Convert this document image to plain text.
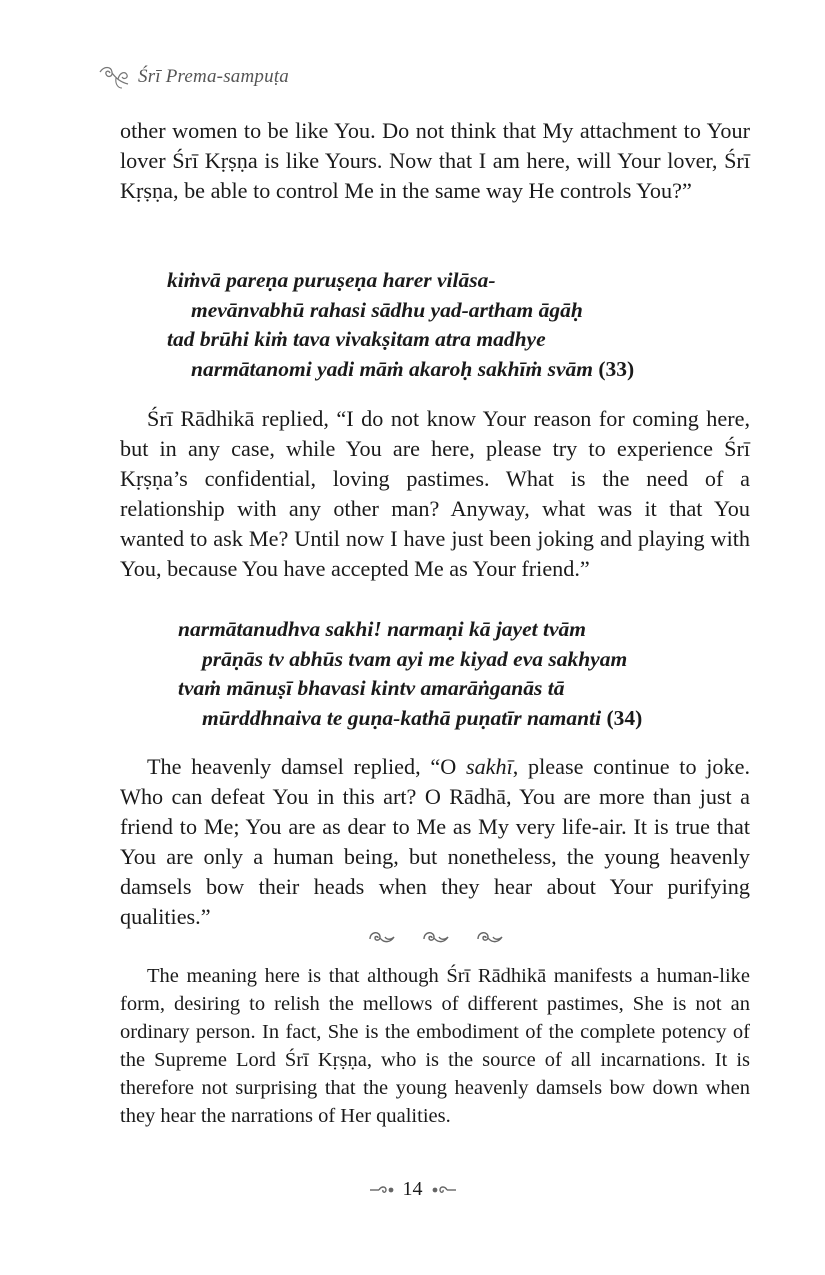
Śrī Prema-sampuṭa

other women to be like You. Do not think that My attachment to Your lover Śrī Kṛṣṇa is like Yours. Now that I am here, will Your lover, Śrī Kṛṣṇa, be able to control Me in the same way He controls You?”

kiṁvā pareṇa puruṣeṇa harer vilāsa-
mevānvabhū rahasi sādhu yad-artham āgāḥ
tad brūhi kiṁ tava vivakṣitam atra madhye
narmātanomi yadi māṁ akaroḥ sakhīṁ svām (33)

Śrī Rādhikā replied, “I do not know Your reason for coming here, but in any case, while You are here, please try to experience Śrī Kṛṣṇa’s confidential, loving pastimes. What is the need of a relationship with any other man? Anyway, what was it that You wanted to ask Me? Until now I have just been joking and playing with You, because You have accepted Me as Your friend.”

narmātanudhva sakhi! narmaṇi kā jayet tvām
prāṇās tv abhūs tvam ayi me kiyad eva sakhyam
tvaṁ mānuṣī bhavasi kintv amarāṅganās tā
mūrddhnaiva te guṇa-kathā puṇatīr namanti (34)

The heavenly damsel replied, “O sakhī, please continue to joke. Who can defeat You in this art? O Rādhā, You are more than just a friend to Me; You are as dear to Me as My very life-air. It is true that You are only a human being, but nonetheless, the young heavenly damsels bow their heads when they hear about Your purifying qualities.”

The meaning here is that although Śrī Rādhikā manifests a human-like form, desiring to relish the mellows of different pastimes, She is not an ordinary person. In fact, She is the embodiment of the complete potency of the Supreme Lord Śrī Kṛṣṇa, who is the source of all incarnations. It is therefore not surprising that the young heavenly damsels bow down when they hear the narrations of Her qualities.

14
